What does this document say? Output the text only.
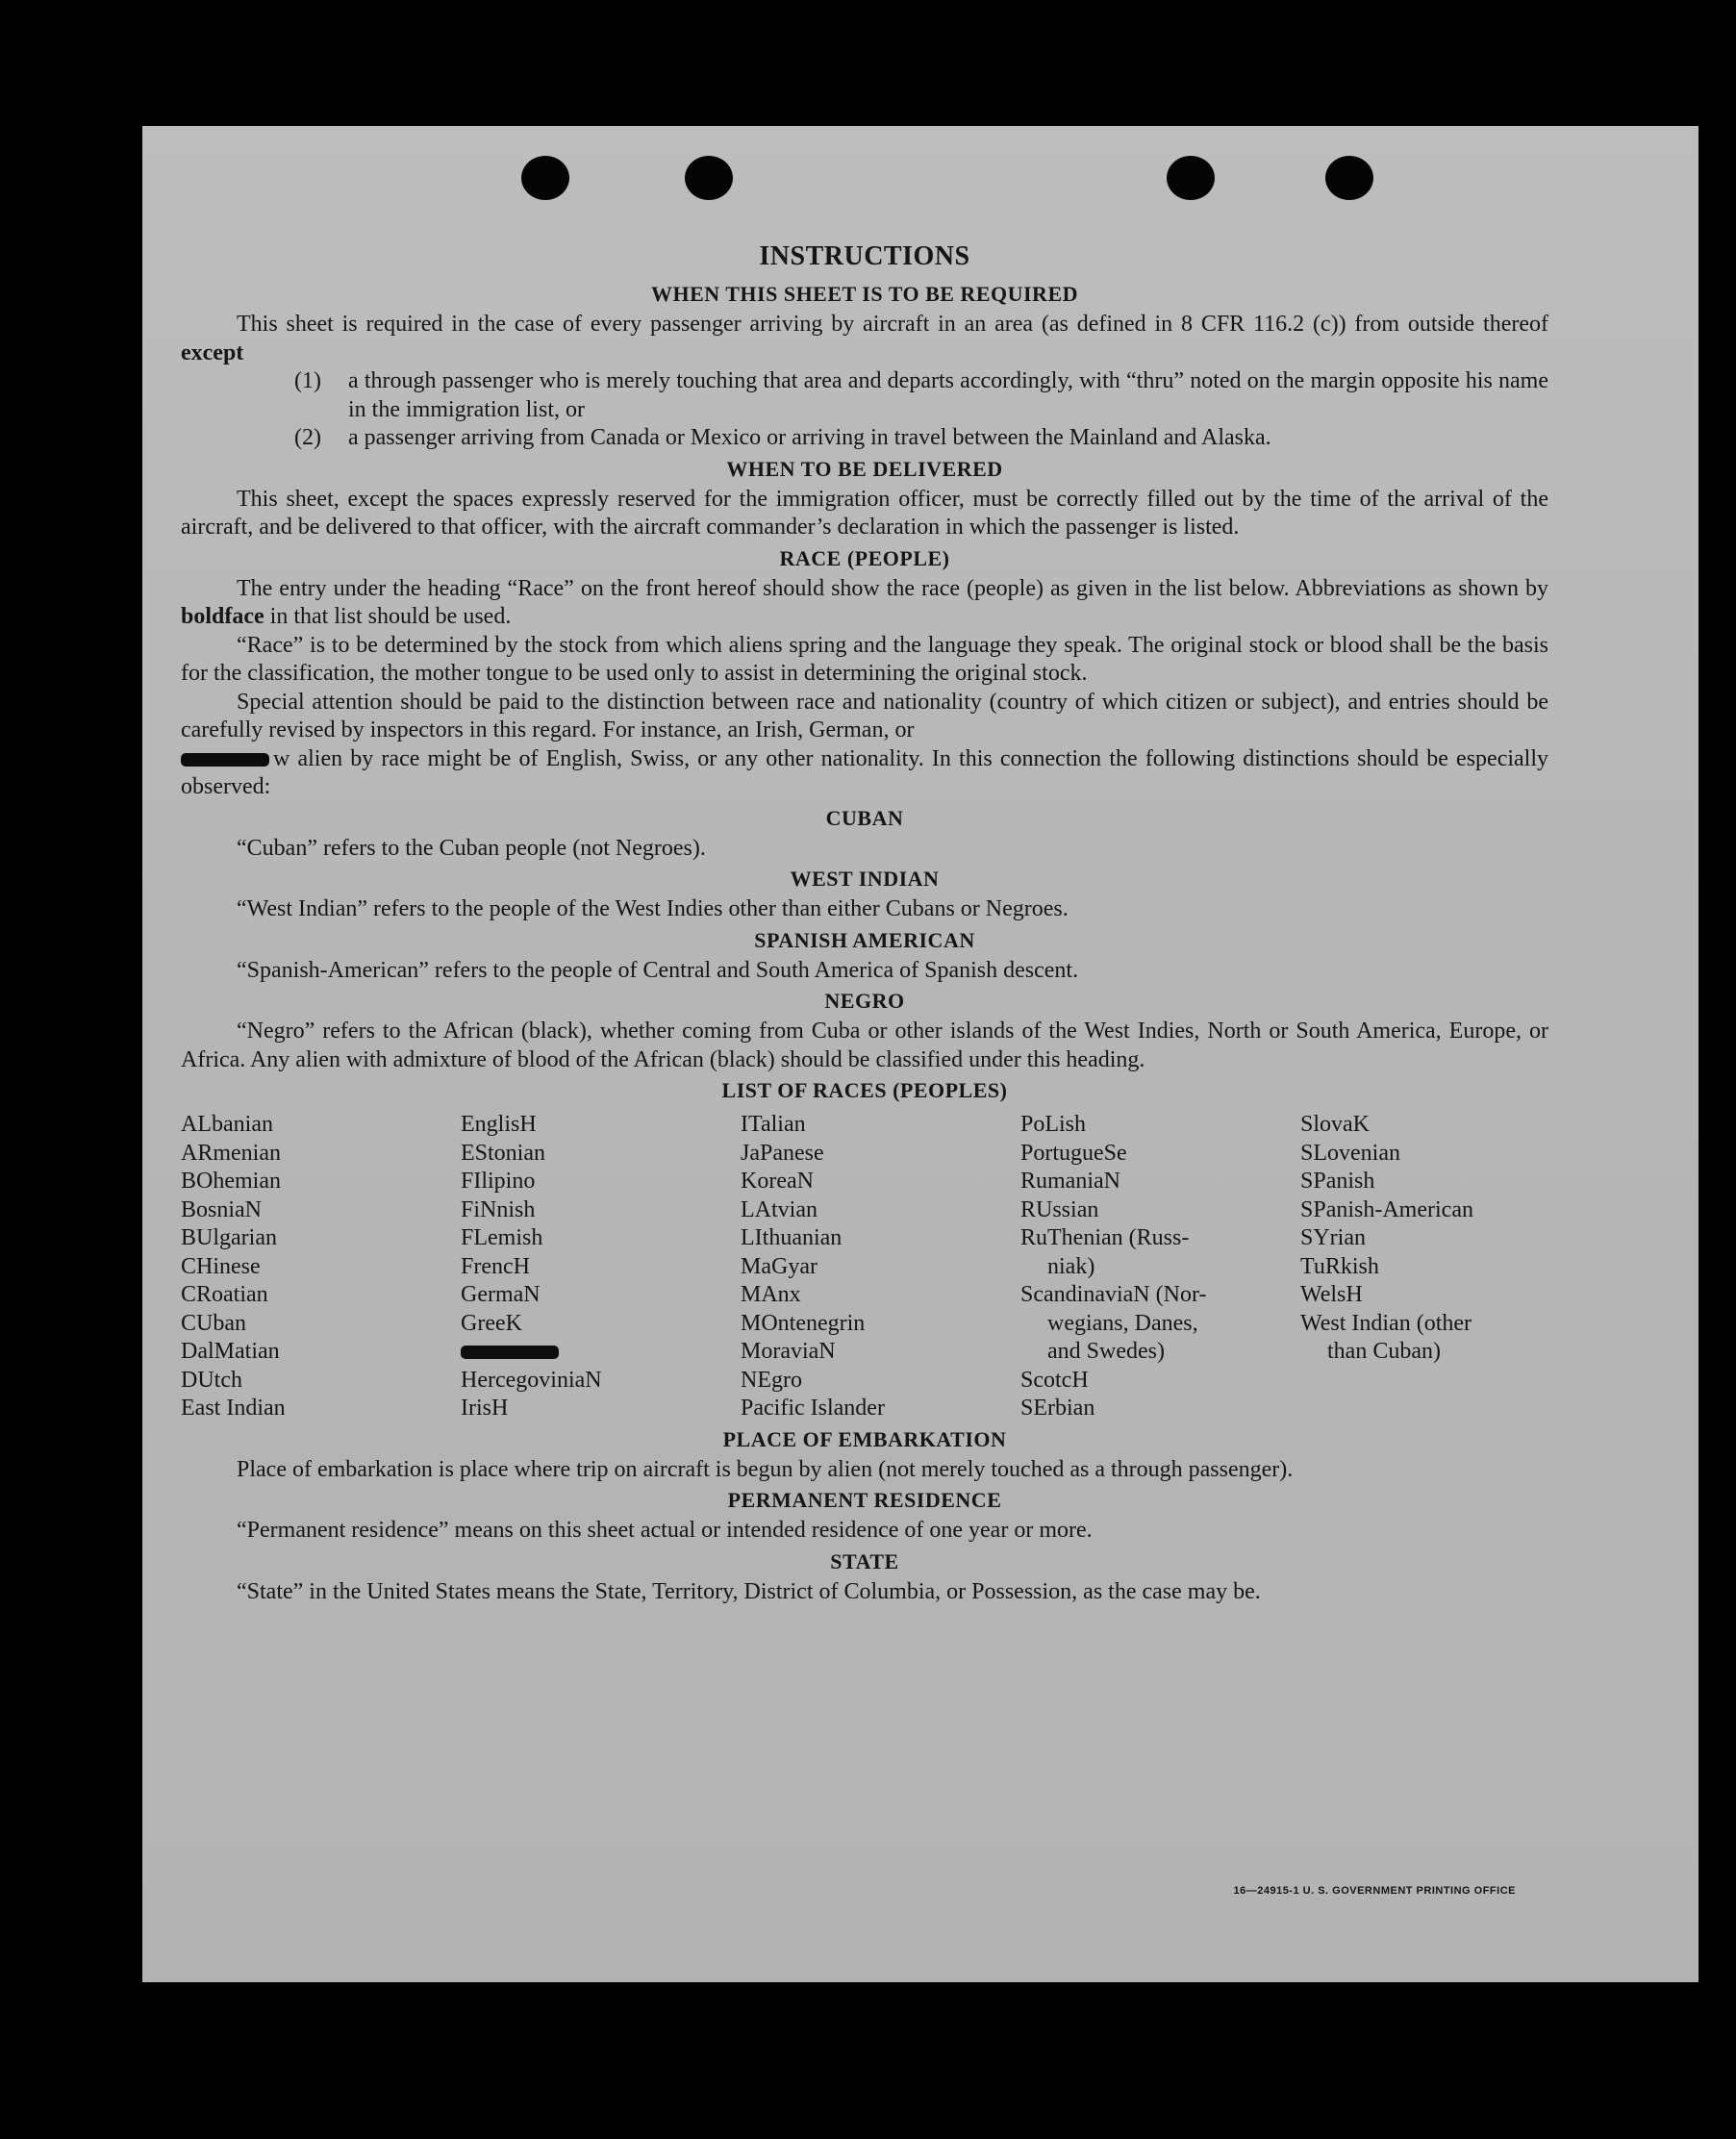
INSTRUCTIONS
WHEN THIS SHEET IS TO BE REQUIRED

This sheet is required in the case of every passenger arriving by aircraft in an area (as defined in 8 CFR 116.2 (c)) from outside thereof except

(1)	a through passenger who is merely touching that area and departs accordingly, with “thru” noted on the margin opposite his name in the immigration list, or
(2)	a passenger arriving from Canada or Mexico or arriving in travel between the Mainland and Alaska.
WHEN TO BE DELIVERED

This sheet, except the spaces expressly reserved for the immigration officer, must be correctly filled out by the time of the arrival of the aircraft, and be delivered to that officer, with the aircraft commander’s declaration in which the passenger is listed.

RACE (PEOPLE)

The entry under the heading “Race” on the front hereof should show the race (people) as given in the list below. Abbreviations as shown by boldface in that list should be used.

“Race” is to be determined by the stock from which aliens spring and the language they speak. The original stock or blood shall be the basis for the classification, the mother tongue to be used only to assist in determining the original stock.

Special attention should be paid to the distinction between race and nationality (country of which citizen or subject), and entries should be carefully revised by inspectors in this regard. For instance, an Irish, German, or
w alien by race might be of English, Swiss, or any other nationality. In this connection the following distinctions should be especially observed:

CUBAN

“Cuban” refers to the Cuban people (not Negroes).

WEST INDIAN

“West Indian” refers to the people of the West Indies other than either Cubans or Negroes.

SPANISH AMERICAN

“Spanish-American” refers to the people of Central and South America of Spanish descent.

NEGRO

“Negro” refers to the African (black), whether coming from Cuba or other islands of the West Indies, North or South America, Europe, or Africa. Any alien with admixture of blood of the African (black) should be classified under this heading.

LIST OF RACES (PEOPLES)
ALbanian
ARmenian
BOhemian
BosniaN
BUlgarian
CHinese
CRoatian
CUban
DalMatian
DUtch
East Indian
EnglisH
EStonian
FIlipino
FiNnish
FLemish
FrencH
GermaN
GreeK
HercegoviniaN
IrisH
ITalian
JaPanese
KoreaN
LAtvian
LIthuanian
MaGyar
MAnx
MOntenegrin
MoraviaN
NEgro
Pacific Islander
PoLish
PortugueSe
RumaniaN
RUssian
RuThenian (Russ-
niak)
ScandinaviaN (Nor-
wegians, Danes,
and Swedes)
ScotcH
SErbian
SlovaK
SLovenian
SPanish
SPanish-American
SYrian
TuRkish
WelsH
West Indian (other
than Cuban)
PLACE OF EMBARKATION

Place of embarkation is place where trip on aircraft is begun by alien (not merely touched as a through passenger).

PERMANENT RESIDENCE

“Permanent residence” means on this sheet actual or intended residence of one year or more.

STATE

“State” in the United States means the State, Territory, District of Columbia, or Possession, as the case may be.

16—24915-1 U. S. GOVERNMENT PRINTING OFFICE
